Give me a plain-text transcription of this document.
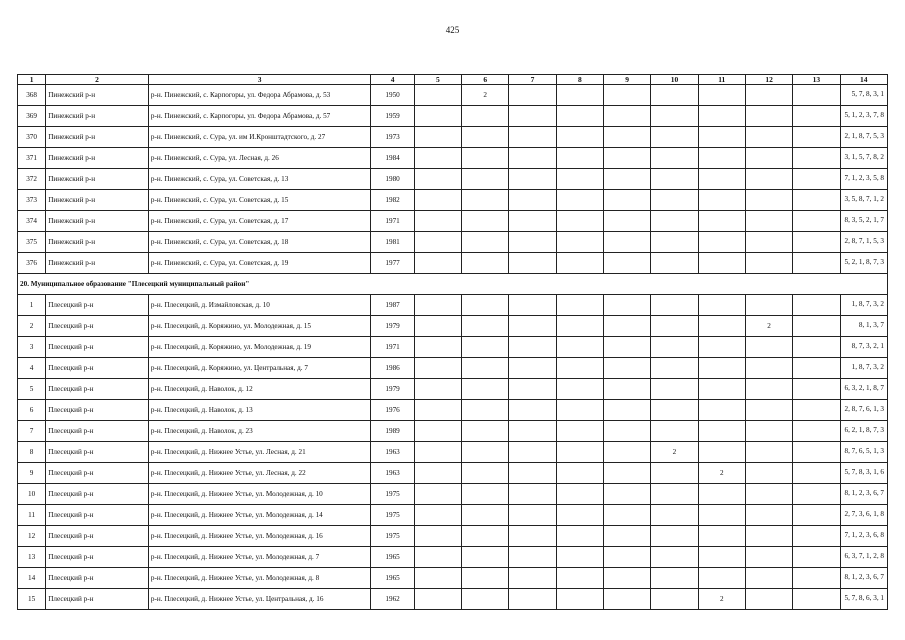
425
1	2	3	4	5	6	7	8	9	10	11	12	13	14
368	Пинежский р-н	р-н. Пинежский, с. Карпогоры, ул. Федора Абрамова, д. 53	1950		2								5, 7, 8, 3, 1
369	Пинежский р-н	р-н. Пинежский, с. Карпогоры, ул. Федора Абрамова, д. 57	1959										5, 1, 2, 3, 7, 8
370	Пинежский р-н	р-н. Пинежский, с. Сура, ул. им И.Кронштадтского, д. 27	1973										2, 1, 8, 7, 5, 3
371	Пинежский р-н	р-н. Пинежский, с. Сура, ул. Лесная, д. 26	1984										3, 1, 5, 7, 8, 2
372	Пинежский р-н	р-н. Пинежский, с. Сура, ул. Советская, д. 13	1980										7, 1, 2, 3, 5, 8
373	Пинежский р-н	р-н. Пинежский, с. Сура, ул. Советская, д. 15	1982										3, 5, 8, 7, 1, 2
374	Пинежский р-н	р-н. Пинежский, с. Сура, ул. Советская, д. 17	1971										8, 3, 5, 2, 1, 7
375	Пинежский р-н	р-н. Пинежский, с. Сура, ул. Советская, д. 18	1981										2, 8, 7, 1, 5, 3
376	Пинежский р-н	р-н. Пинежский, с. Сура, ул. Советская, д. 19	1977										5, 2, 1, 8, 7, 3
20. Муниципальное образование "Плесецкий муниципальный район"													
1	Плесецкий р-н	р-н. Плесецкий, д. Измайловская, д. 10	1987										1, 8, 7, 3, 2
2	Плесецкий р-н	р-н. Плесецкий, д. Коряжино, ул. Молодежная, д. 15	1979								2		8, 1, 3, 7
3	Плесецкий р-н	р-н. Плесецкий, д. Коряжино, ул. Молодежная, д. 19	1971										8, 7, 3, 2, 1
4	Плесецкий р-н	р-н. Плесецкий, д. Коряжино, ул. Центральная, д. 7	1986										1, 8, 7, 3, 2
5	Плесецкий р-н	р-н. Плесецкий, д. Наволок, д. 12	1979										6, 3, 2, 1, 8, 7
6	Плесецкий р-н	р-н. Плесецкий, д. Наволок, д. 13	1976										2, 8, 7, 6, 1, 3
7	Плесецкий р-н	р-н. Плесецкий, д. Наволок, д. 23	1989										6, 2, 1, 8, 7, 3
8	Плесецкий р-н	р-н. Плесецкий, д. Нижнее Устье, ул. Лесная, д. 21	1963						2				8, 7, 6, 5, 1, 3
9	Плесецкий р-н	р-н. Плесецкий, д. Нижнее Устье, ул. Лесная, д. 22	1963							2			5, 7, 8, 3, 1, 6
10	Плесецкий р-н	р-н. Плесецкий, д. Нижнее Устье, ул. Молодежная, д. 10	1975										8, 1, 2, 3, 6, 7
11	Плесецкий р-н	р-н. Плесецкий, д. Нижнее Устье, ул. Молодежная, д. 14	1975										2, 7, 3, 6, 1, 8
12	Плесецкий р-н	р-н. Плесецкий, д. Нижнее Устье, ул. Молодежная, д. 16	1975										7, 1, 2, 3, 6, 8
13	Плесецкий р-н	р-н. Плесецкий, д. Нижнее Устье, ул. Молодежная, д. 7	1965										6, 3, 7, 1, 2, 8
14	Плесецкий р-н	р-н. Плесецкий, д. Нижнее Устье, ул. Молодежная, д. 8	1965										8, 1, 2, 3, 6, 7
15	Плесецкий р-н	р-н. Плесецкий, д. Нижнее Устье, ул. Центральная, д. 16	1962							2			5, 7, 8, 6, 3, 1
